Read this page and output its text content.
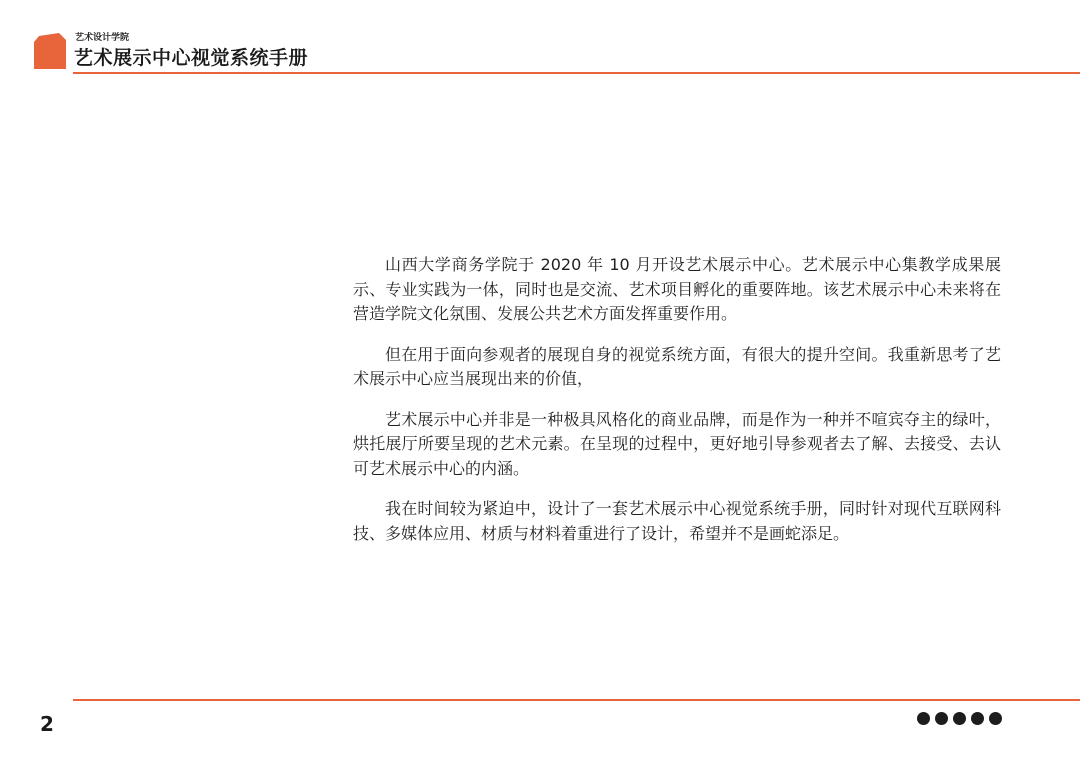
艺术设计学院
艺术展示中心视觉系统手册

山西大学商务学院于 2020 年 10 月开设艺术展示中心。艺术展示中心集教学成果展示、专业实践为一体，同时也是交流、艺术项目孵化的重要阵地。该艺术展示中心未来将在营造学院文化氛围、发展公共艺术方面发挥重要作用。

但在用于面向参观者的展现自身的视觉系统方面，有很大的提升空间。我重新思考了艺术展示中心应当展现出来的价值，

艺术展示中心并非是一种极具风格化的商业品牌，而是作为一种并不喧宾夺主的绿叶，烘托展厅所要呈现的艺术元素。在呈现的过程中，更好地引导参观者去了解、去接受、去认可艺术展示中心的内涵。

我在时间较为紧迫中，设计了一套艺术展示中心视觉系统手册，同时针对现代互联网科技、多媒体应用、材质与材料着重进行了设计，希望并不是画蛇添足。

2
